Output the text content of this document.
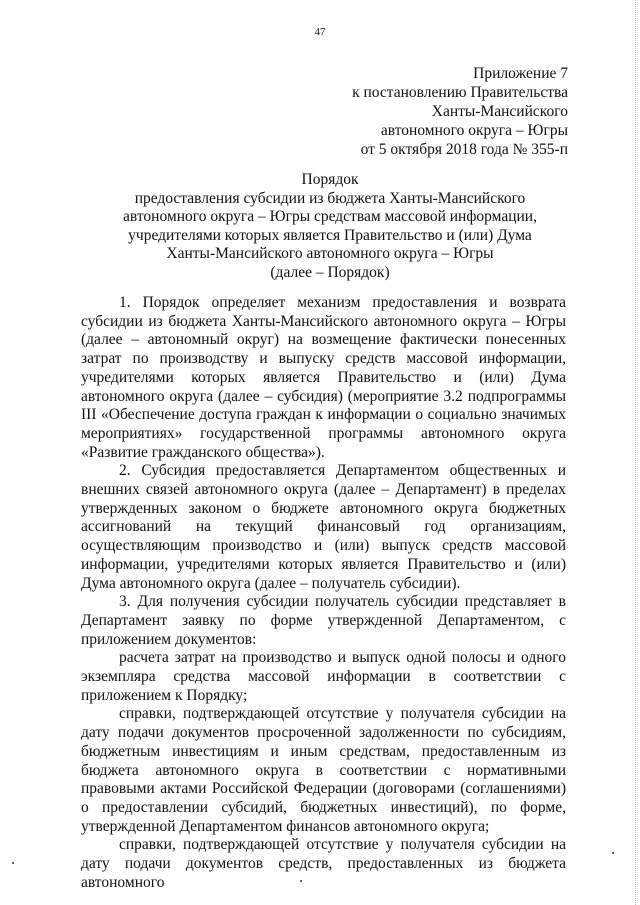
47
Приложение 7
к постановлению Правительства
Ханты-Мансийского
автономного округа – Югры
от 5 октября 2018 года № 355-п
Порядок
предоставления субсидии из бюджета Ханты-Мансийского
автономного округа – Югры средствам массовой информации,
учредителями которых является Правительство и (или) Дума
Ханты-Мансийского автономного округа – Югры
(далее – Порядок)

1. Порядок определяет механизм предоставления и возврата субсидии из бюджета Ханты-Мансийского автономного округа – Югры (далее – автономный округ) на возмещение фактически понесенных затрат по производству и выпуску средств массовой информации, учредителями которых является Правительство и (или) Дума автономного округа (далее – субсидия) (мероприятие 3.2 подпрограммы III «Обеспечение доступа граждан к информации о социально значимых мероприятиях» государственной программы автономного округа «Развитие гражданского общества»).

2. Субсидия предоставляется Департаментом общественных и внешних связей автономного округа (далее – Департамент) в пределах утвержденных законом о бюджете автономного округа бюджетных ассигнований на текущий финансовый год организациям, осуществляющим производство и (или) выпуск средств массовой информации, учредителями которых является Правительство и (или) Дума автономного округа (далее – получатель субсидии).

3. Для получения субсидии получатель субсидии представляет в Департамент заявку по форме утвержденной Департаментом, с приложением документов:

расчета затрат на производство и выпуск одной полосы и одного экземпляра средства массовой информации в соответствии с приложением к Порядку;

справки, подтверждающей отсутствие у получателя субсидии на дату подачи документов просроченной задолженности по субсидиям, бюджетным инвестициям и иным средствам, предоставленным из бюджета автономного округа в соответствии с нормативными правовыми актами Российской Федерации (договорами (соглашениями) о предоставлении субсидий, бюджетных инвестиций), по форме, утвержденной Департаментом финансов автономного округа;

справки, подтверждающей отсутствие у получателя субсидии на дату подачи документов средств, предоставленных из бюджета автономного
